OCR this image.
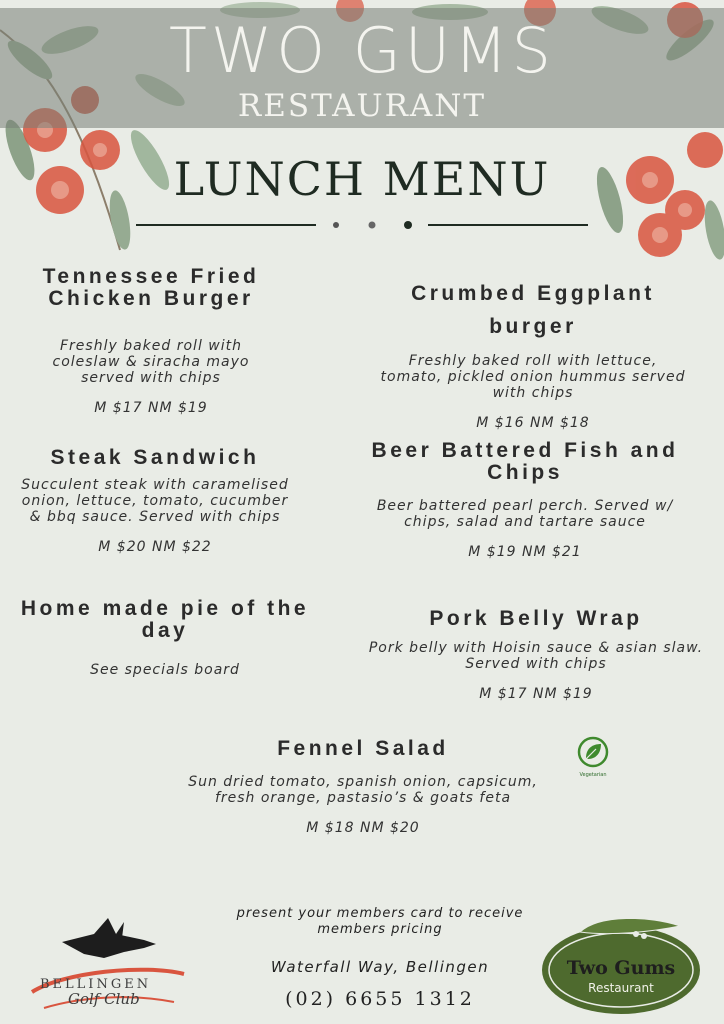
TWO GUMS
RESTAURANT
LUNCH MENU
Tennessee Fried Chicken Burger
Freshly baked roll with coleslaw & siracha mayo served with chips
M $17 NM $19
Crumbed Eggplant burger
Freshly baked roll with lettuce, tomato, pickled onion hummus served with chips
M $16 NM $18
Steak Sandwich
Succulent steak with caramelised onion, lettuce, tomato, cucumber & bbq sauce. Served with chips
M $20 NM $22
Beer Battered Fish and Chips
Beer battered pearl perch. Served w/ chips, salad and tartare sauce
M $19 NM $21
Home made pie of the day
See specials board
Pork Belly Wrap
Pork belly with Hoisin sauce & asian slaw. Served with chips
M $17 NM $19
Fennel Salad
Sun dried tomato, spanish onion, capsicum, fresh orange, pastasio’s & goats feta
M $18 NM $20
Vegetarian
present your members card to receive members pricing
Waterfall Way, Bellingen
(02) 6655 1312
BELLINGEN
Golf Club
Two Gums
Restaurant
